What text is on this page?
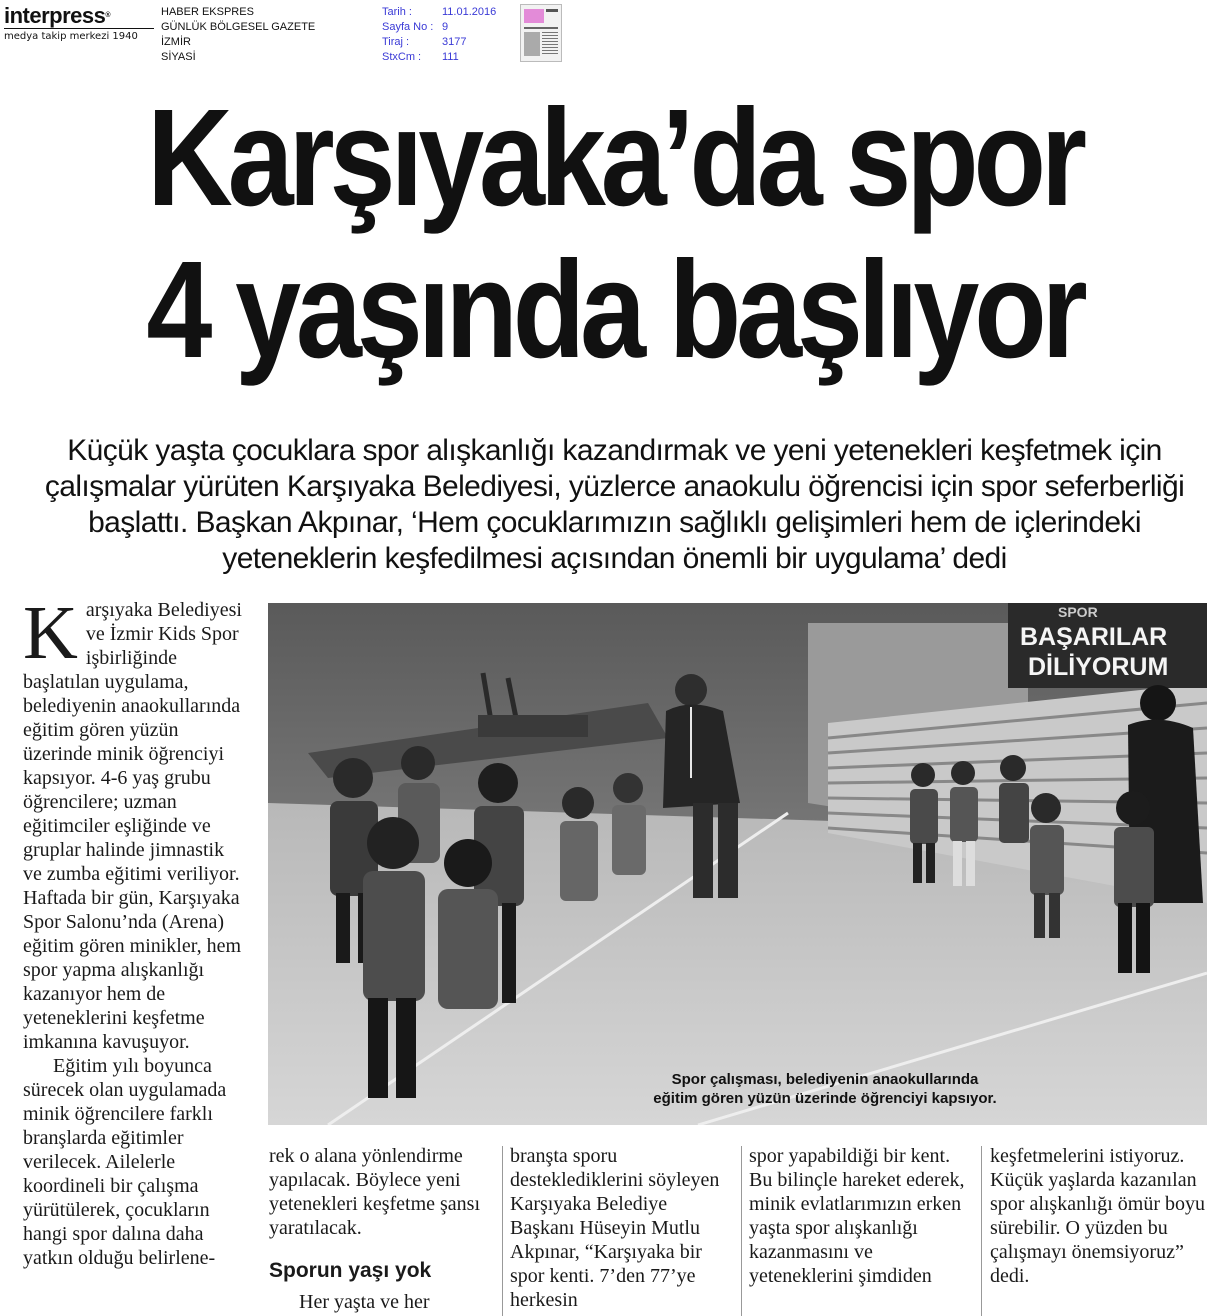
interpress®
medya takip merkezi 1940
HABER EKSPRES
GÜNLÜK BÖLGESEL GAZETE
İZMİR
SİYASİ
Tarih :	11.01.2016
Sayfa No : 9
Tiraj :	3177
StxCm :	111
Karşıyaka’da spor
4 yaşında başlıyor
Küçük yaşta çocuklara spor alışkanlığı kazandırmak ve yeni yetenekleri keşfetmek için çalışmalar yürüten Karşıyaka Belediyesi, yüzlerce anaokulu öğrencisi için spor seferberliği başlattı. Başkan Akpınar, ‘Hem çocuklarımızın sağlıklı gelişimleri hem de içlerindeki yeteneklerin keşfedilmesi açısından önemli bir uygulama’ dedi

Karşıyaka Belediyesi ve İzmir Kids Spor işbirliğinde başlatılan uygulama, belediyenin anaokullarında eğitim gören yüzün üzerinde minik öğrenciyi kapsıyor. 4-6 yaş grubu öğrencilere; uzman eğitimciler eşliğinde ve gruplar halinde jimnastik ve zumba eğitimi veriliyor. Haftada bir gün, Karşıyaka Spor Salonu’nda (Arena) eğitim gören minikler, hem spor yapma alışkanlığı kazanıyor hem de yeteneklerini keşfetme imkanına kavuşuyor.

Eğitim yılı boyunca sürecek olan uygulamada minik öğrencilere farklı branşlarda eğitimler verilecek. Ailelerle koordineli bir çalışma yürütülerek, çocukların hangi spor dalına daha yatkın olduğu belirlene-

SPOR
BAŞARILAR
DİLİYORUM
Spor çalışması, belediyenin anaokullarında
eğitim gören yüzün üzerinde öğrenciyi kapsıyor.

rek o alana yönlendirme yapılacak. Böylece yeni yetenekleri keşfetme şansı yaratılacak.

Sporun yaşı yok

Her yaşta ve her

branşta sporu desteklediklerini söyleyen Karşıyaka Belediye Başkanı Hüseyin Mutlu Akpınar, “Karşıyaka bir spor kenti. 7’den 77’ye herkesin

spor yapabildiği bir kent. Bu bilinçle hareket ederek, minik evlatlarımızın erken yaşta spor alışkanlığı kazanmasını ve yeteneklerini şimdiden

keşfetmelerini istiyoruz. Küçük yaşlarda kazanılan spor alışkanlığı ömür boyu sürebilir. O yüzden bu çalışmayı önemsiyoruz” dedi.
